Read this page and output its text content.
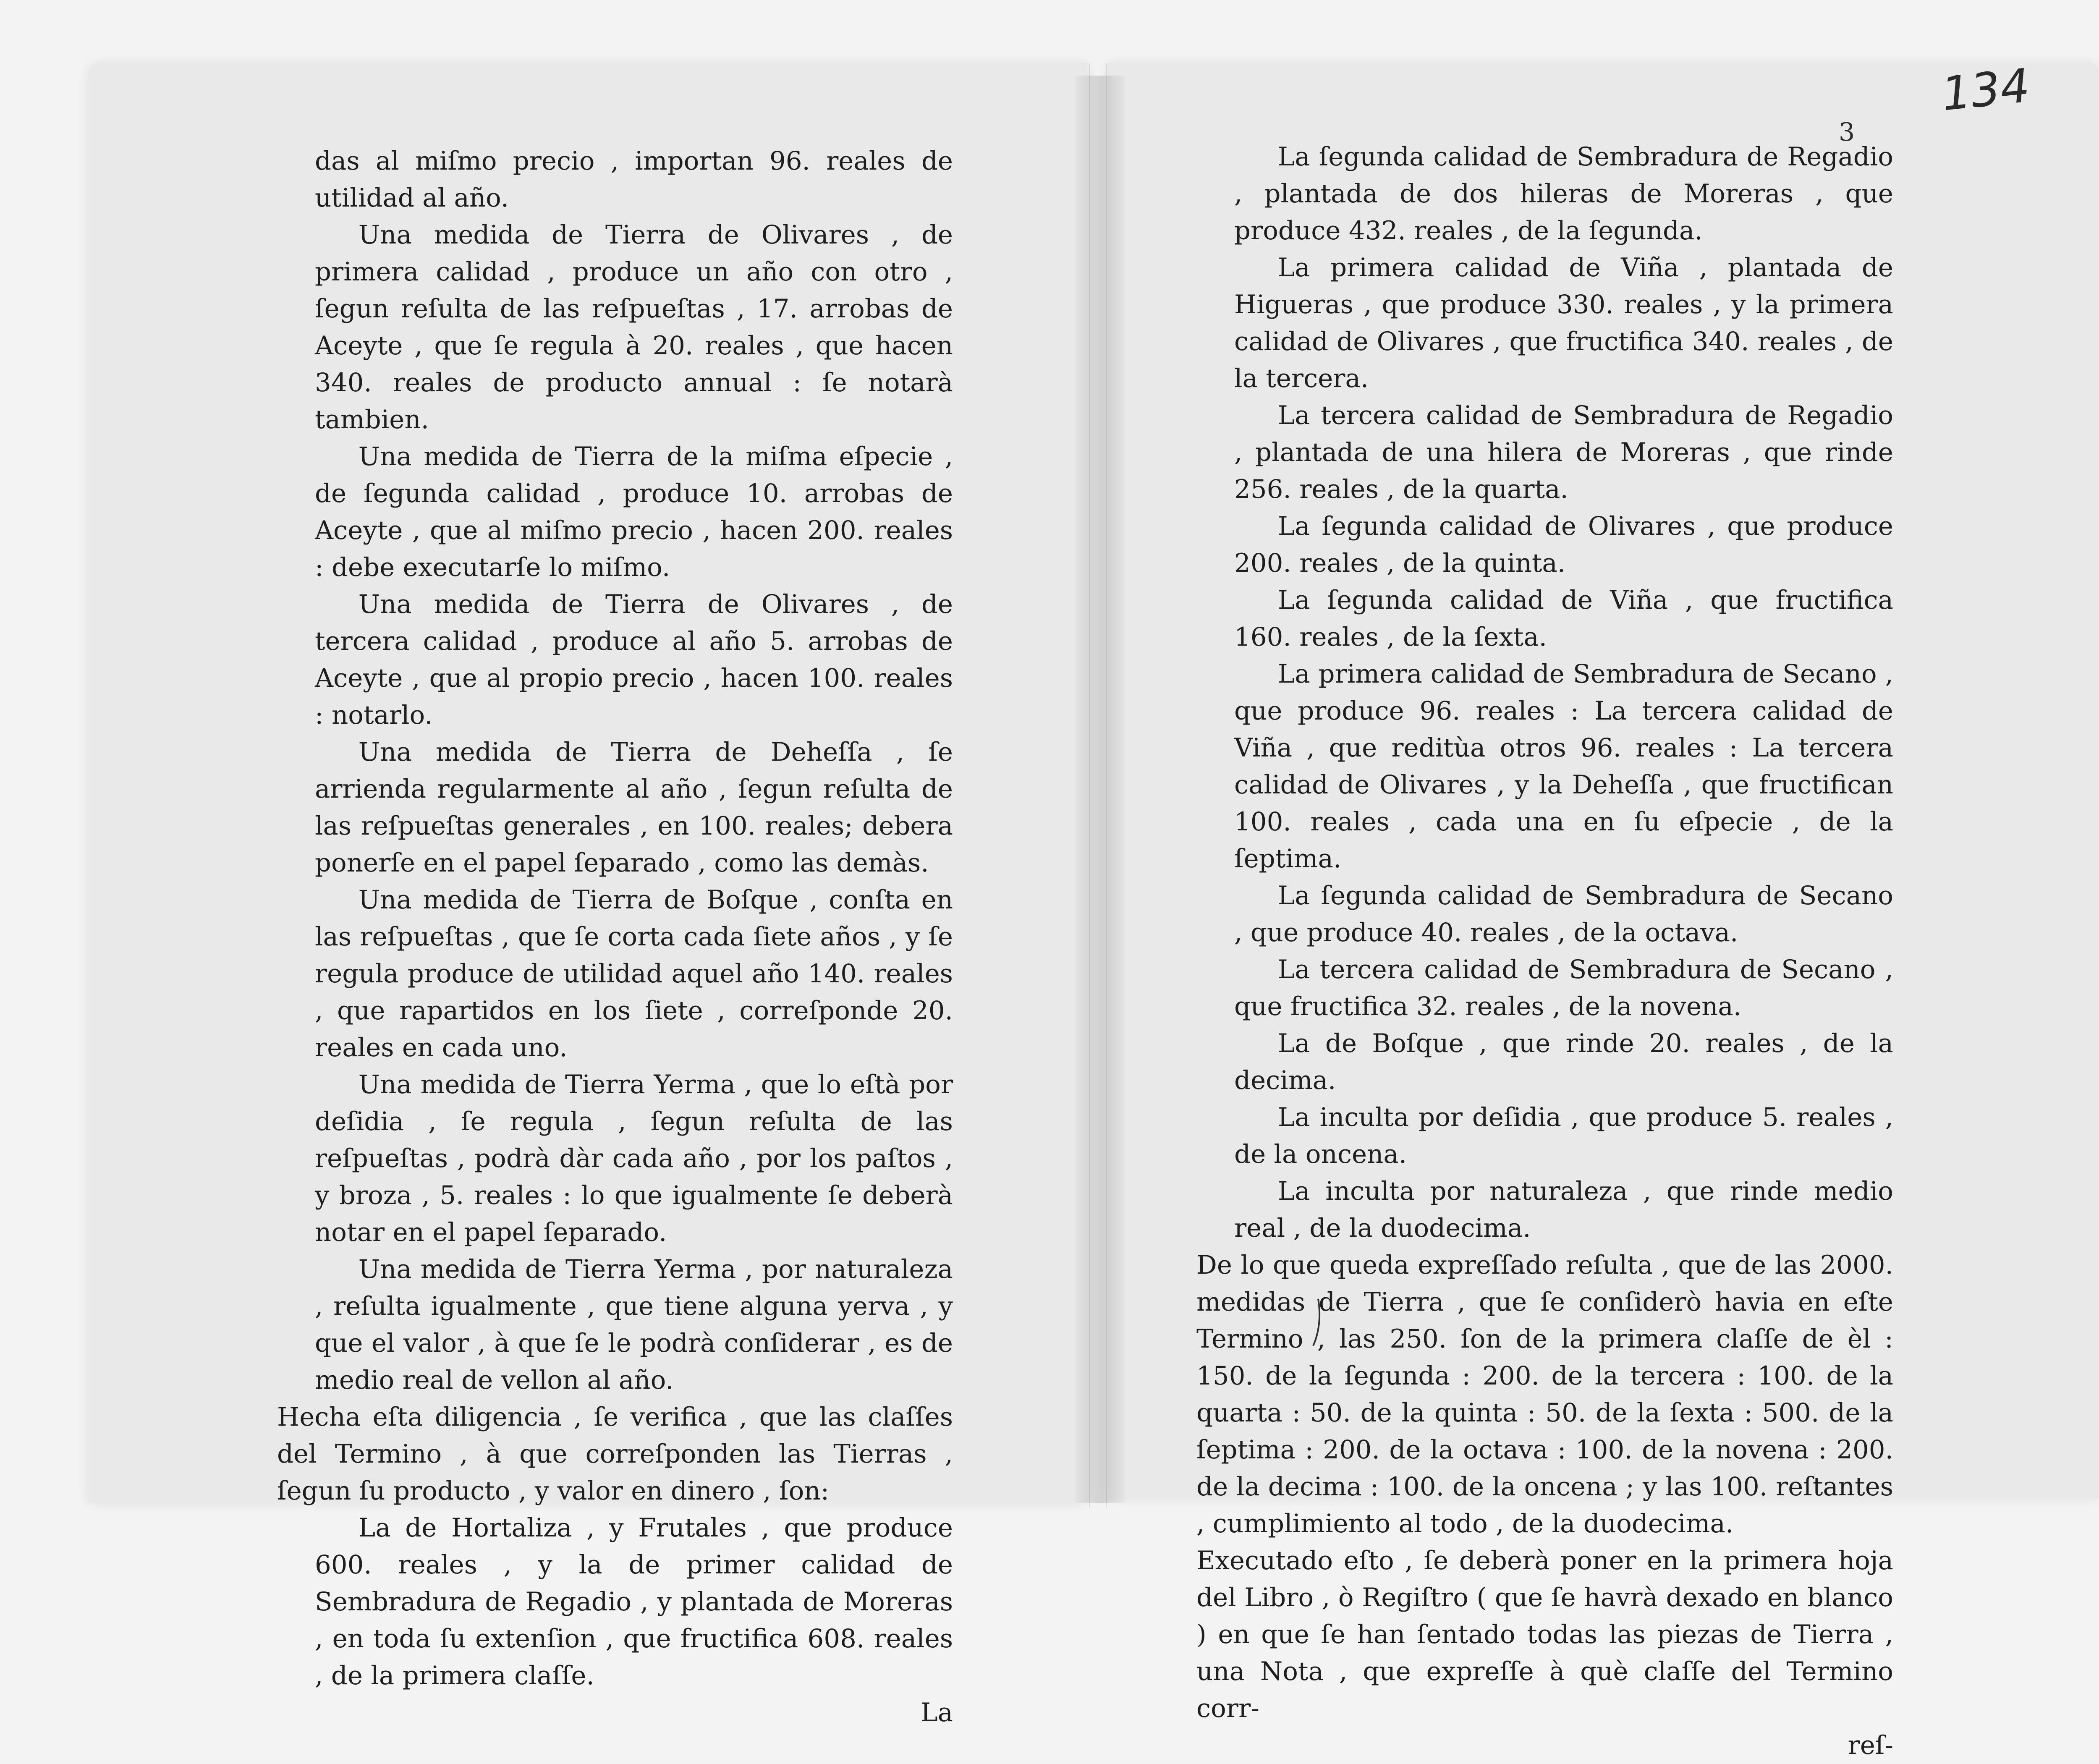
134
3

das al miſmo precio , importan 96. reales de utilidad al año.

Una medida de Tierra de Olivares , de primera calidad , produce un año con otro , ſegun reſulta de las reſpueſtas , 17. arrobas de Aceyte , que ſe regula à 20. reales , que hacen 340. reales de producto annual : ſe notarà tambien.

Una medida de Tierra de la miſma eſpecie , de ſegunda calidad , produce 10. arrobas de Aceyte , que al miſmo precio , hacen 200. reales : debe executarſe lo miſmo.

Una medida de Tierra de Olivares , de tercera calidad , produce al año 5. arrobas de Aceyte , que al propio precio , hacen 100. reales : notarlo.

Una medida de Tierra de Deheſſa , ſe arrienda regularmente al año , ſegun reſulta de las reſpueſtas generales , en 100. reales; debera ponerſe en el papel ſeparado , como las demàs.

Una medida de Tierra de Boſque , conſta en las reſpueſtas , que ſe corta cada ſiete años , y ſe regula produce de utilidad aquel año 140. reales , que rapartidos en los ſiete , correſponde 20. reales en cada uno.

Una medida de Tierra Yerma , que lo eſtà por deſidia , ſe regula , ſegun reſulta de las reſpueſtas , podrà dàr cada año , por los paſtos , y broza , 5. reales : lo que igualmente ſe deberà notar en el papel ſeparado.

Una medida de Tierra Yerma , por naturaleza , reſulta igualmente , que tiene alguna yerva , y que el valor , à que ſe le podrà conſiderar , es de medio real de vellon al año.

Hecha eſta diligencia , ſe verifica , que las claſſes del Termino , à que correſponden las Tierras , ſegun ſu producto , y valor en dinero , ſon:

La de Hortaliza , y Frutales , que produce 600. reales , y la de primer calidad de Sembradura de Regadio , y plantada de Moreras , en toda ſu extenſion , que fructifica 608. reales , de la primera claſſe.

La

La ſegunda calidad de Sembradura de Regadio , plantada de dos hileras de Moreras , que produce 432. reales , de la ſegunda.

La primera calidad de Viña , plantada de Higueras , que produce 330. reales , y la primera calidad de Olivares , que fructifica 340. reales , de la tercera.

La tercera calidad de Sembradura de Regadio , plantada de una hilera de Moreras , que rinde 256. reales , de la quarta.

La ſegunda calidad de Olivares , que produce 200. reales , de la quinta.

La ſegunda calidad de Viña , que fructifica 160. reales , de la ſexta.

La primera calidad de Sembradura de Secano , que produce 96. reales : La tercera calidad de Viña , que reditùa otros 96. reales : La tercera calidad de Olivares , y la Deheſſa , que fructifican 100. reales , cada una en ſu eſpecie , de la ſeptima.

La ſegunda calidad de Sembradura de Secano , que produce 40. reales , de la octava.

La tercera calidad de Sembradura de Secano , que fructifica 32. reales , de la novena.

La de Boſque , que rinde 20. reales , de la decima.

La inculta por deſidia , que produce 5. reales , de la oncena.

La inculta por naturaleza , que rinde medio real , de la duodecima.

De lo que queda expreſſado reſulta , que de las 2000. medidas de Tierra , que ſe conſiderò havia en eſte Termino , las 250. ſon de la primera claſſe de èl : 150. de la ſegunda : 200. de la tercera : 100. de la quarta : 50. de la quinta : 50. de la ſexta : 500. de la ſeptima : 200. de la octava : 100. de la novena : 200. de la decima : 100. de la oncena ; y las 100. reſtantes , cumplimiento al todo , de la duodecima.

Executado eſto , ſe deberà poner en la primera hoja del Libro , ò Regiſtro ( que ſe havrà dexado en blanco ) en que ſe han ſentado todas las piezas de Tierra , una Nota , que expreſſe à què claſſe del Termino corr-

reſ-
